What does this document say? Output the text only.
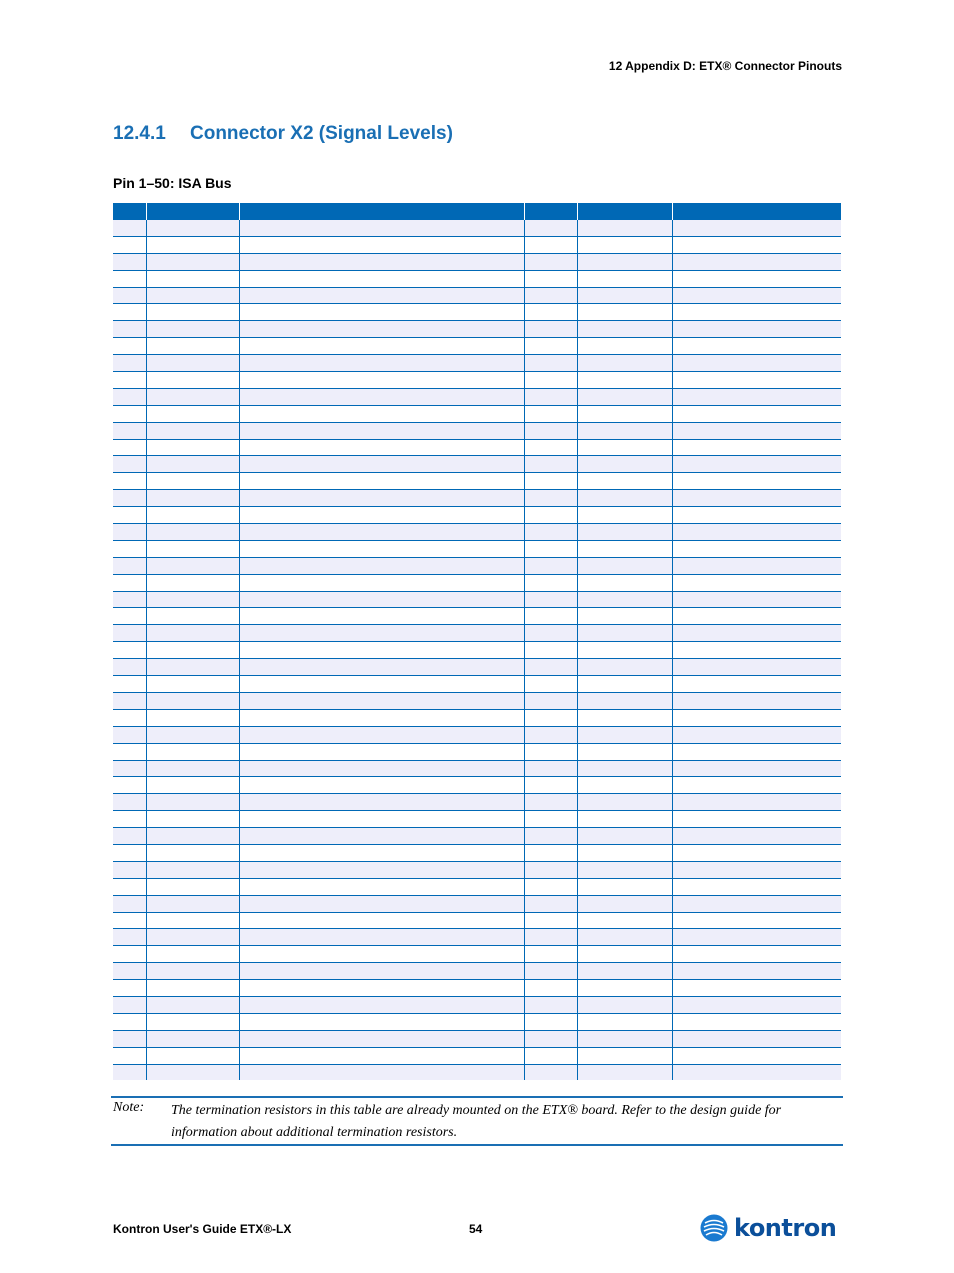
12 Appendix D: ETX® Connector Pinouts
12.4.1 Connector X2 (Signal Levels)
Pin 1–50: ISA Bus

Note: The termination resistors in this table are already mounted on the ETX® board. Refer to the design guide for information about additional termination resistors.
Kontron User's Guide ETX®-LX	54	kontron
